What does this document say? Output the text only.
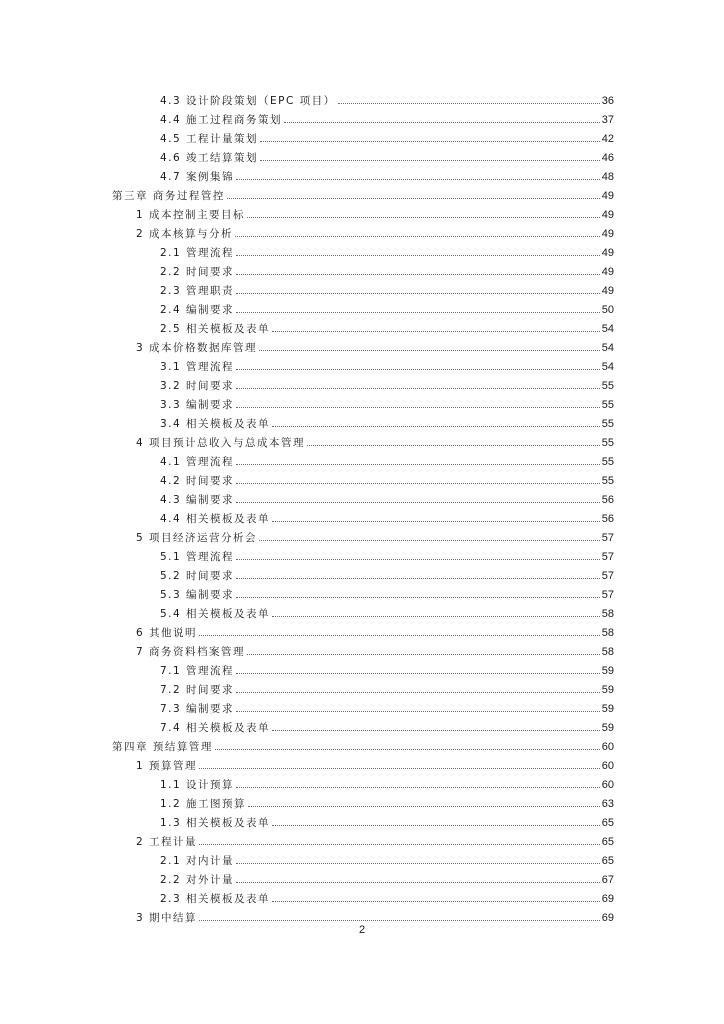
4.3 设计阶段策划（EPC 项目）	36
4.4 施工过程商务策划	37
4.5 工程计量策划	42
4.6 竣工结算策划	46
4.7 案例集锦	48
第三章 商务过程管控	49
1 成本控制主要目标	49
2 成本核算与分析	49
2.1 管理流程	49
2.2 时间要求	49
2.3 管理职责	49
2.4 编制要求	50
2.5 相关模板及表单	54
3 成本价格数据库管理	54
3.1 管理流程	54
3.2 时间要求	55
3.3 编制要求	55
3.4 相关模板及表单	55
4 项目预计总收入与总成本管理	55
4.1 管理流程	55
4.2 时间要求	55
4.3 编制要求	56
4.4 相关模板及表单	56
5 项目经济运营分析会	57
5.1 管理流程	57
5.2 时间要求	57
5.3 编制要求	57
5.4 相关模板及表单	58
6 其他说明	58
7 商务资料档案管理	58
7.1 管理流程	59
7.2 时间要求	59
7.3 编制要求	59
7.4 相关模板及表单	59
第四章 预结算管理	60
1 预算管理	60
1.1 设计预算	60
1.2 施工图预算	63
1.3 相关模板及表单	65
2 工程计量	65
2.1 对内计量	65
2.2 对外计量	67
2.3 相关模板及表单	69
3 期中结算	69
2
